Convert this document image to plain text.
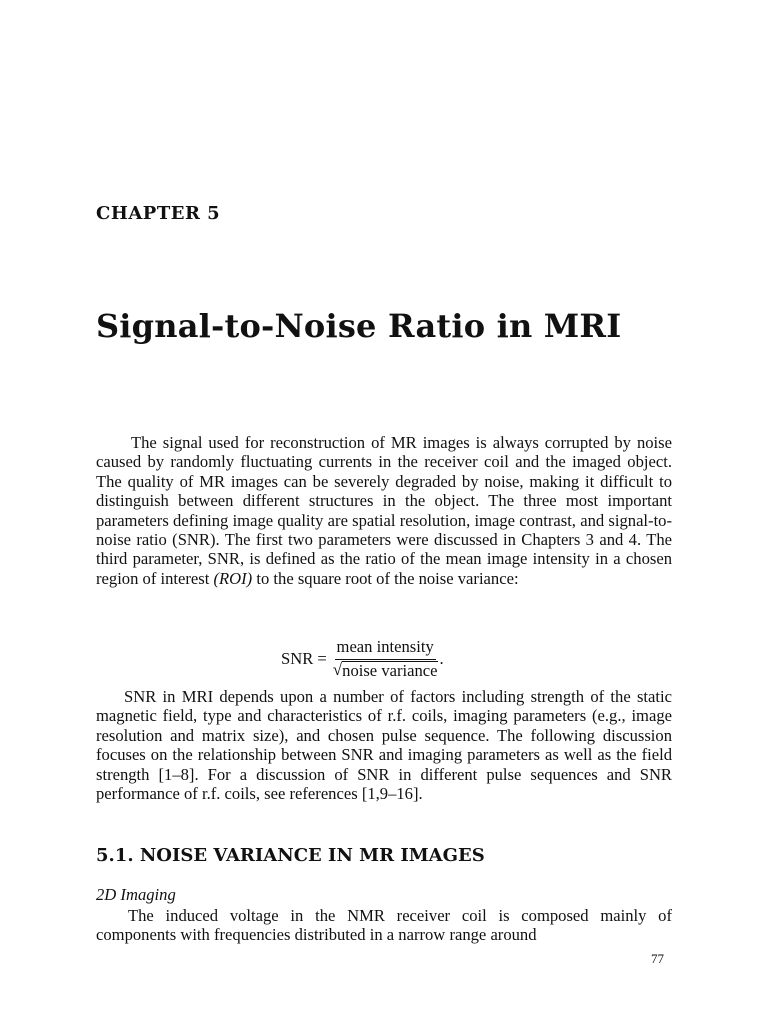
CHAPTER 5

Signal-to-Noise Ratio in MRI

The signal used for reconstruction of MR images is always corrupted by noise caused by randomly fluctuating currents in the receiver coil and the imaged object. The quality of MR images can be severely degraded by noise, making it difficult to distinguish between different structures in the object. The three most important parameters defining image quality are spatial resolution, image contrast, and signal-to-noise ratio (SNR). The first two parameters were discussed in Chapters 3 and 4. The third parameter, SNR, is defined as the ratio of the mean image intensity in a chosen region of interest (ROI) to the square root of the noise variance:

SNR = $\frac{\text{mean intensity}}{\text{√ noise variance}}$ .

SNR in MRI depends upon a number of factors including strength of the static magnetic field, type and characteristics of r.f. coils, imaging parameters (e.g., image resolution and matrix size), and chosen pulse sequence. The following discussion focuses on the relationship between SNR and imaging parameters as well as the field strength [1–8]. For a discussion of SNR in different pulse sequences and SNR performance of r.f. coils, see references [1,9–16].

5.1. NOISE VARIANCE IN MR IMAGES

2D Imaging

The induced voltage in the NMR receiver coil is composed mainly of components with frequencies distributed in a narrow range around

77
